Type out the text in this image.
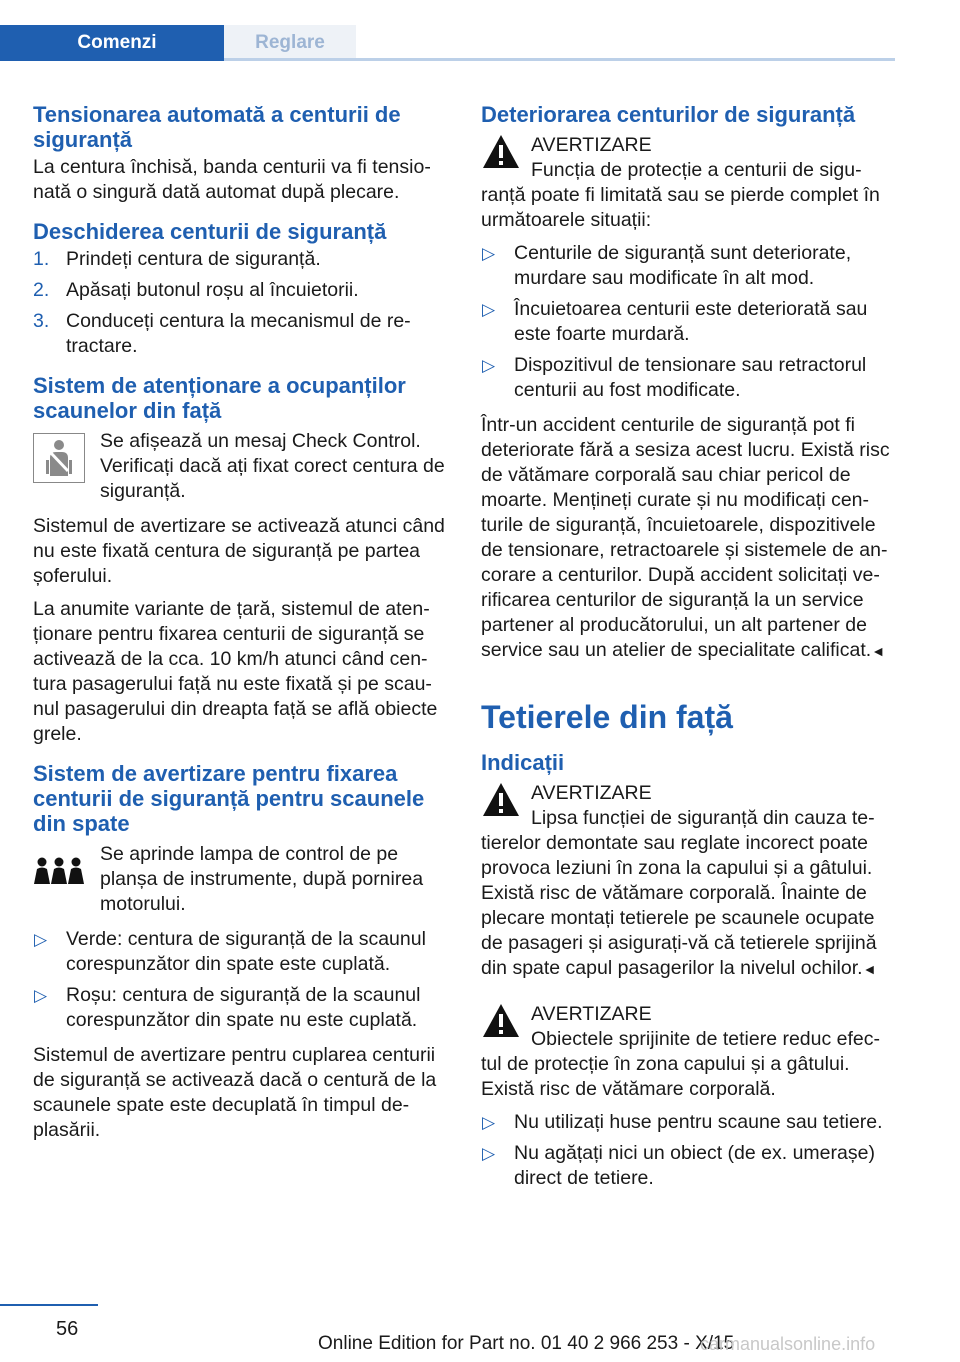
Comenzi	Reglare
Tensionarea automată a centurii de siguranță

La centura închisă, banda centurii va fi tensio‐ nată o singură dată automat după plecare.

Deschiderea centurii de siguranță
1. Prindeți centura de siguranță.
2. Apăsați butonul roșu al încuietorii.
3. Conduceți centura la mecanismul de re‐ tractare.
Sistem de atenționare a ocupanților scaunelor din față
Se afișează un mesaj Check Control. Verificați dacă ați fixat corect centura de siguranță.

Sistemul de avertizare se activează atunci când nu este fixată centura de siguranță pe partea șoferului.

La anumite variante de țară, sistemul de aten‐ ționare pentru fixarea centurii de siguranță se activează de la cca. 10 km/h atunci când cen‐ tura pasagerului față nu este fixată și pe scau‐ nul pasagerului din dreapta față se află obiecte grele.

Sistem de avertizare pentru fixarea centurii de siguranță pentru scaunele din spate
Se aprinde lampa de control de pe planșa de instrumente, după pornirea motorului.
▷ Verde: centura de siguranță de la scaunul corespunzător din spate este cuplată.
▷ Roșu: centura de siguranță de la scaunul corespunzător din spate nu este cuplată.

Sistemul de avertizare pentru cuplarea centurii de siguranță se activează dacă o centură de la scaunele spate este decuplată în timpul de‐ plasării.

Deteriorarea centurilor de siguranță
AVERTIZARE
Funcția de protecție a centurii de sigu‐ ranță poate fi limitată sau se pierde complet în următoarele situații:
▷ Centurile de siguranță sunt deteriorate, murdare sau modificate în alt mod.
▷ Încuietoarea centurii este deteriorată sau este foarte murdară.
▷ Dispozitivul de tensionare sau retractorul centurii au fost modificate.

Într-un accident centurile de siguranță pot fi deteriorate fără a sesiza acest lucru. Există risc de vătămare corporală sau chiar pericol de moarte. Mențineți curate și nu modificați cen‐ turile de siguranță, încuietoarele, dispozitivele de tensionare, retractoarele și sistemele de an‐ corare a centurilor. După accident solicitați ve‐ rificarea centurilor de siguranță la un service partener al producătorului, un alt partener de service sau un atelier de specialitate calificat.◄

Tetierele din față
Indicații
AVERTIZARE
Lipsa funcției de siguranță din cauza te‐ tierelor demontate sau reglate incorect poate provoca leziuni în zona la capului și a gâtului. Există risc de vătămare corporală. Înainte de plecare montați tetierele pe scaunele ocupate de pasageri și asigurați-vă că tetierele sprijină din spate capul pasagerilor la nivelul ochilor.◄
AVERTIZARE
Obiectele sprijinite de tetiere reduc efec‐ tul de protecție în zona capului și a gâtului. Există risc de vătămare corporală.
▷ Nu utilizați huse pentru scaune sau tetiere.
▷ Nu agățați nici un obiect (de ex. umerașe) direct de tetiere.
56
Online Edition for Part no. 01 40 2 966 253 - X/15
carmanualsonline.info
